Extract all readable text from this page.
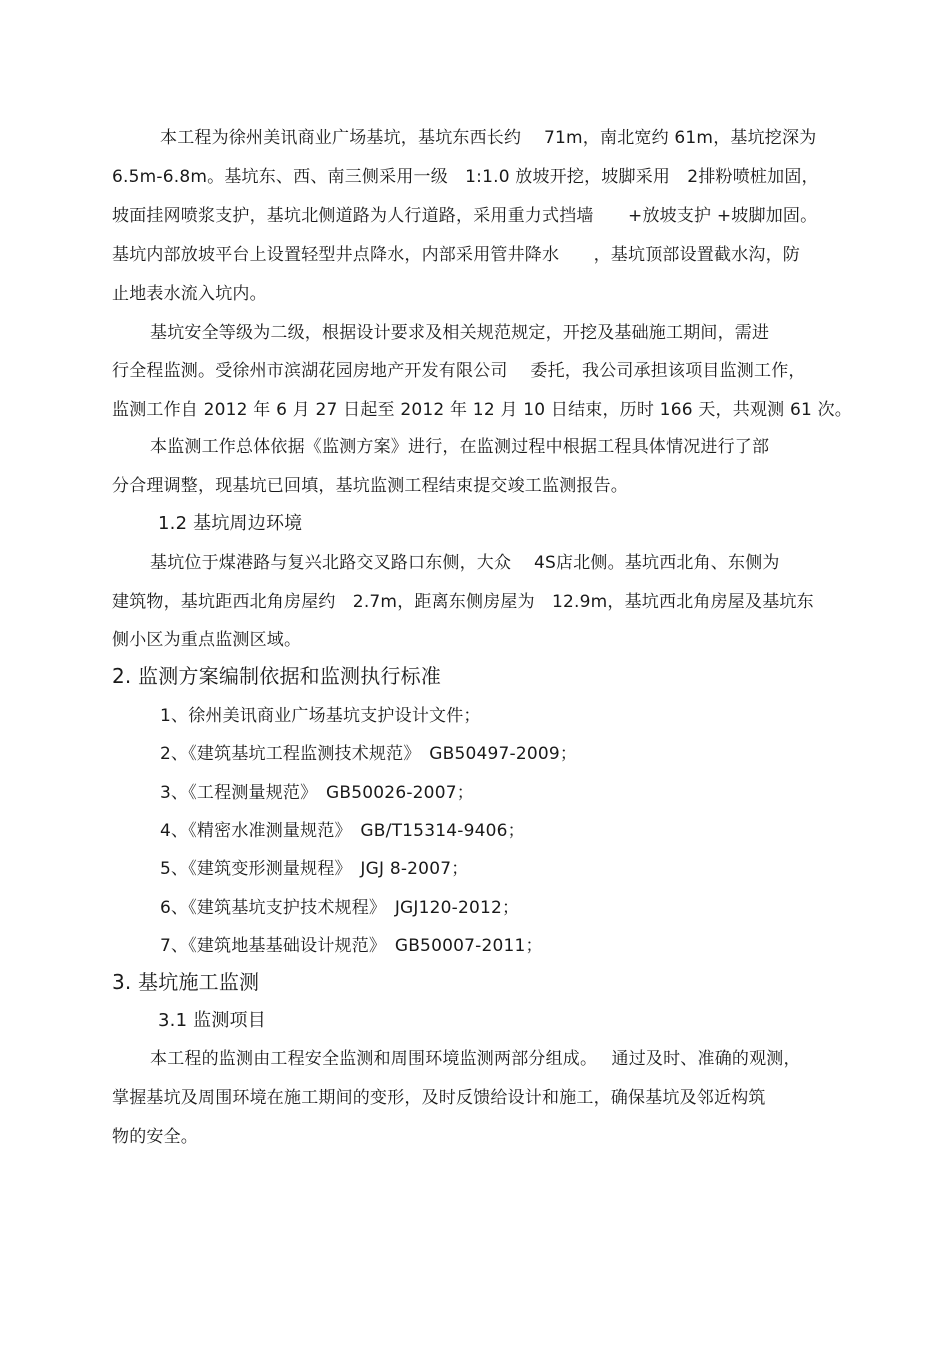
本工程为徐州美讯商业广场基坑，基坑东西长约　 71m，南北宽约 61m，基坑挖深为
6.5m-6.8m。基坑东、西、南三侧采用一级　1:1.0 放坡开挖，坡脚采用　2排粉喷桩加固，
坡面挂网喷浆支护，基坑北侧道路为人行道路，采用重力式挡墙　　+放坡支护 +坡脚加固。
基坑内部放坡平台上设置轻型井点降水，内部采用管井降水　　，基坑顶部设置截水沟，防
止地表水流入坑内。
基坑安全等级为二级，根据设计要求及相关规范规定，开挖及基础施工期间，需进
行全程监测。受徐州市滨湖花园房地产开发有限公司　 委托，我公司承担该项目监测工作，
监测工作自 2012 年 6 月 27 日起至 2012 年 12 月 10 日结束，历时 166 天，共观测 61 次。
本监测工作总体依据《监测方案》进行，在监测过程中根据工程具体情况进行了部
分合理调整，现基坑已回填，基坑监测工程结束提交竣工监测报告。
1.2 基坑周边环境
基坑位于煤港路与复兴北路交叉路口东侧，大众　 4S店北侧。基坑西北角、东侧为
建筑物，基坑距西北角房屋约　2.7m，距离东侧房屋为　12.9m，基坑西北角房屋及基坑东
侧小区为重点监测区域。
2. 监测方案编制依据和监测执行标准
1、徐州美讯商业广场基坑支护设计文件；
2、《建筑基坑工程监测技术规范》　GB50497-2009；
3、《工程测量规范》　GB50026-2007；
4、《精密水准测量规范》　GB/T15314-9406；
5、《建筑变形测量规程》　JGJ 8-2007；
6、《建筑基坑支护技术规程》　JGJ120-2012；
7、《建筑地基基础设计规范》　GB50007-2011；
3. 基坑施工监测
3.1 监测项目
本工程的监测由工程安全监测和周围环境监测两部分组成。　 通过及时、准确的观测，
掌握基坑及周围环境在施工期间的变形，及时反馈给设计和施工，确保基坑及邻近构筑
物的安全。
